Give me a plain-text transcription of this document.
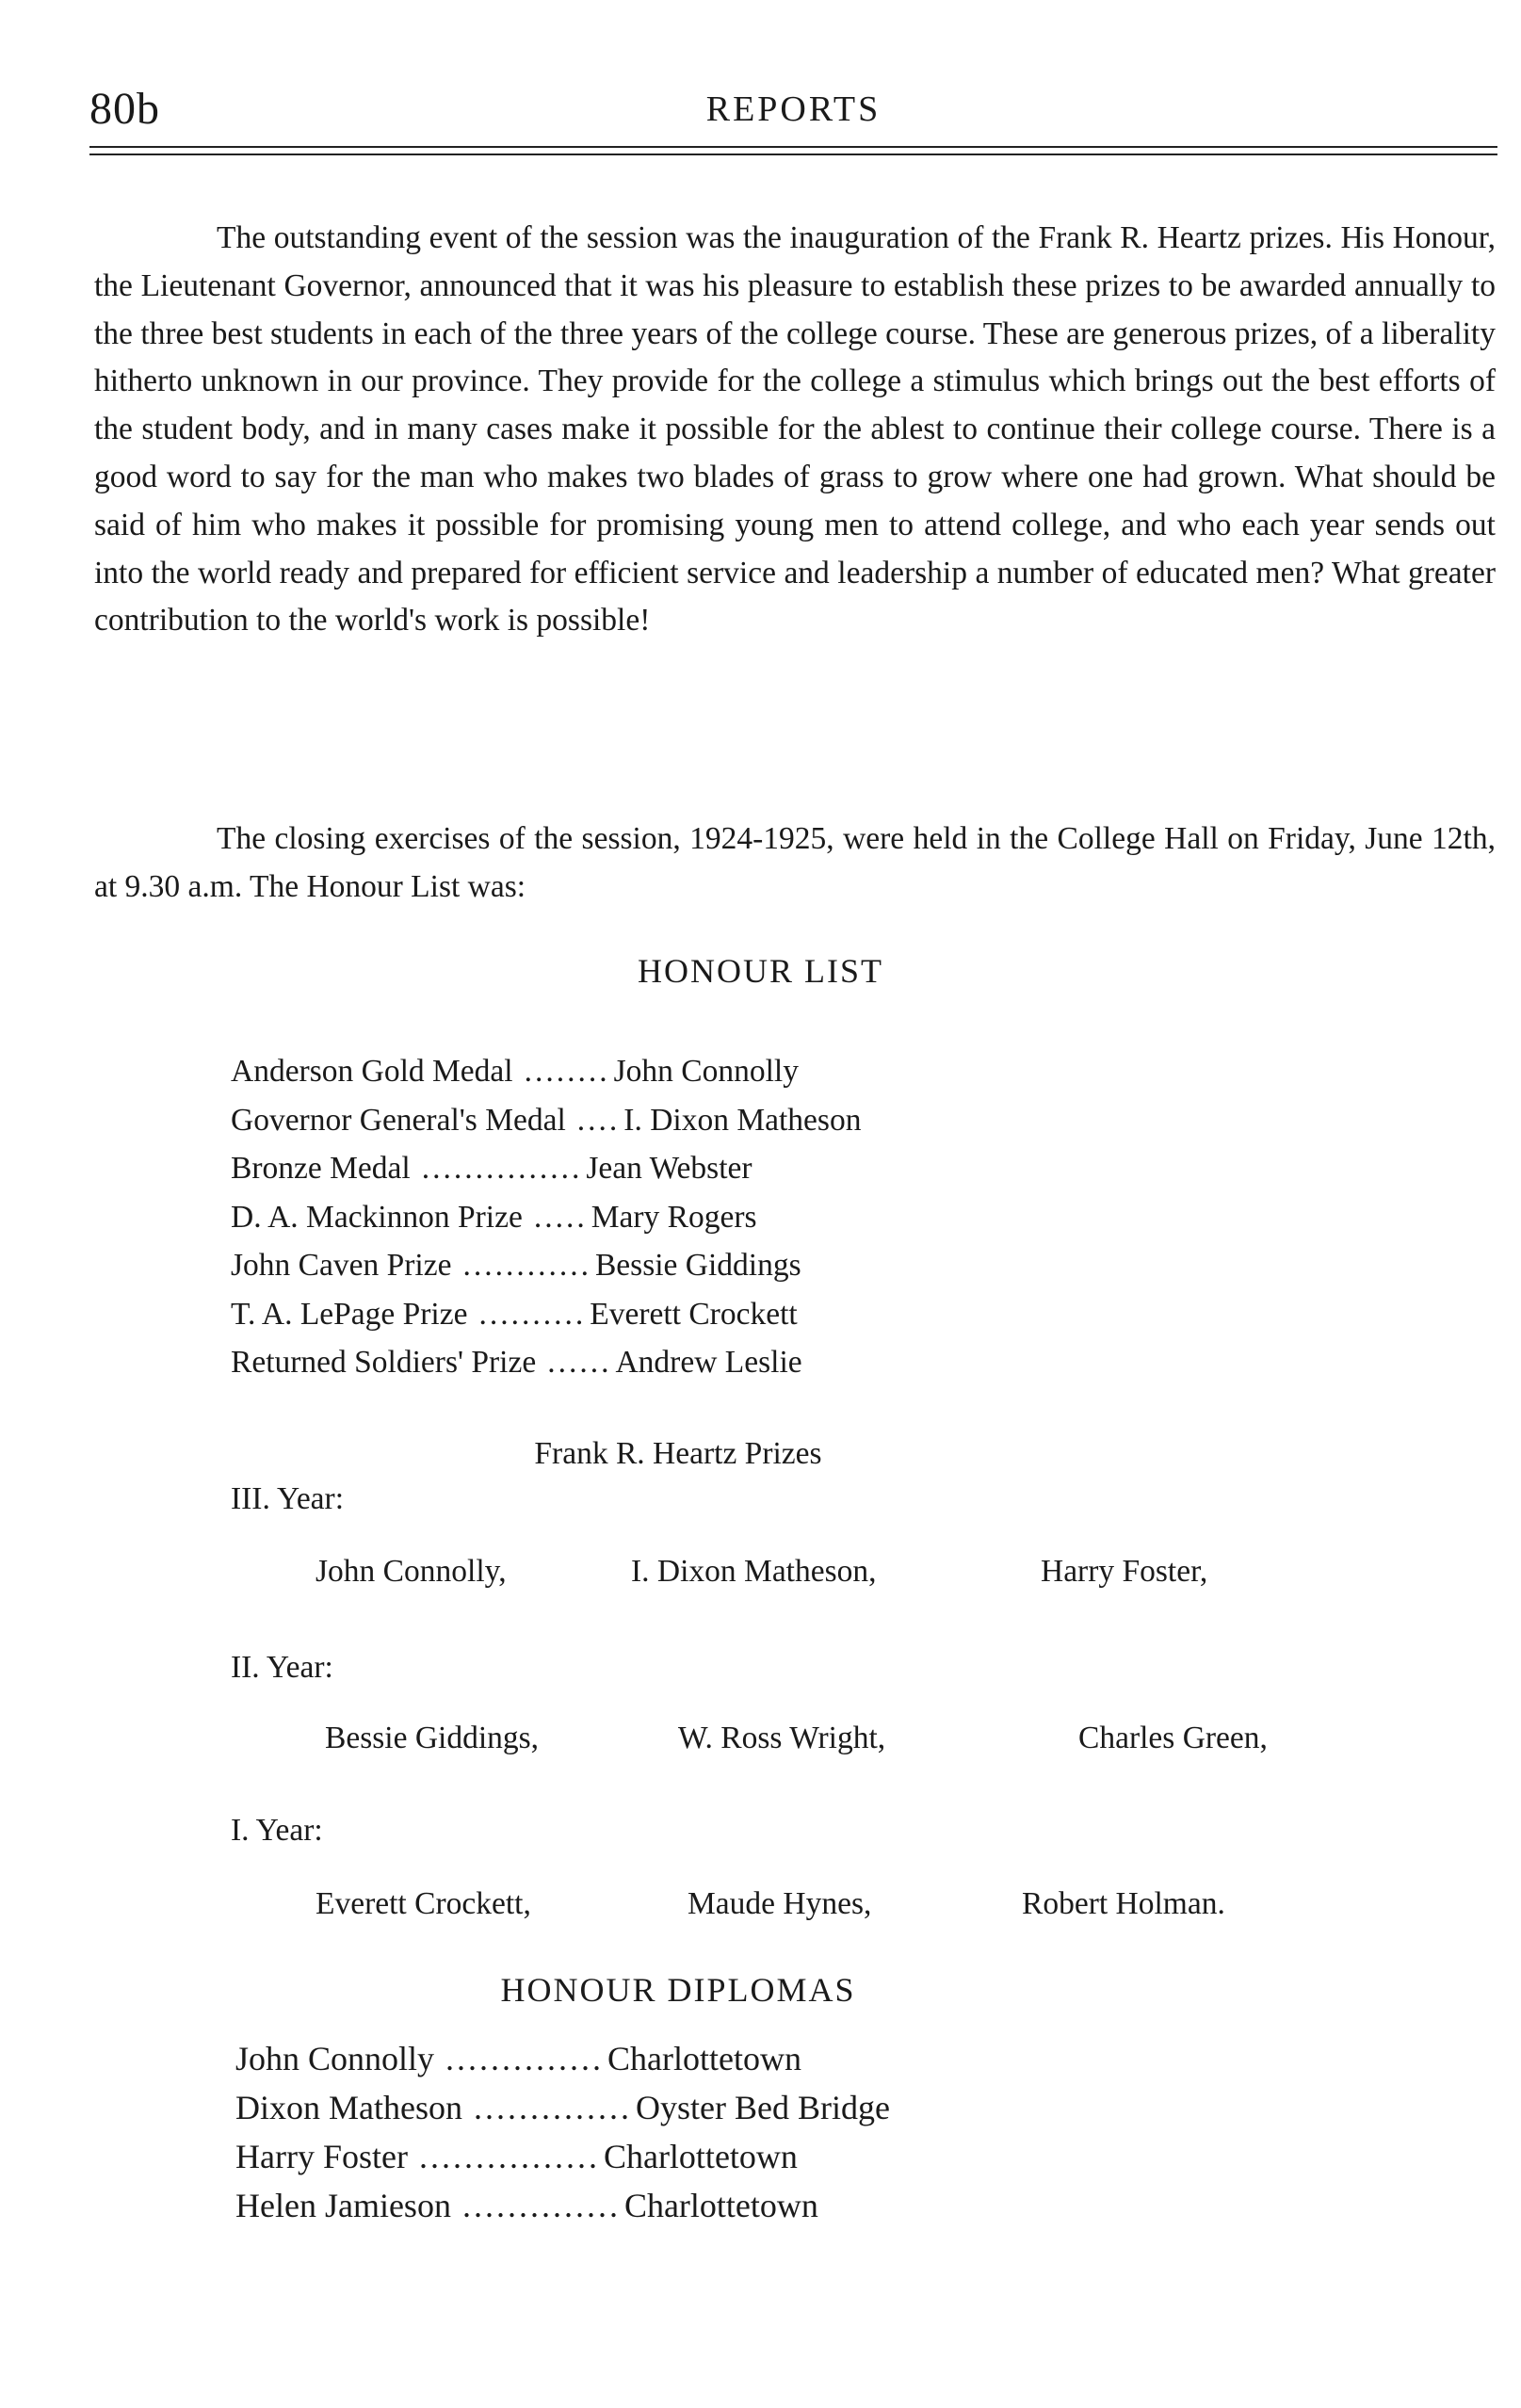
80b	REPORTS

The outstanding event of the session was the inauguration of the Frank R. Heartz prizes. His Honour, the Lieutenant Governor, announced that it was his pleasure to establish these prizes to be awarded annually to the three best students in each of the three years of the college course. These are generous prizes, of a liberality hitherto unknown in our province. They provide for the college a stimulus which brings out the best efforts of the student body, and in many cases make it possible for the ablest to continue their college course. There is a good word to say for the man who makes two blades of grass to grow where one had grown. What should be said of him who makes it possible for promising young men to attend college, and who each year sends out into the world ready and prepared for efficient service and leadership a number of educated men? What greater contribution to the world's work is possible!

The closing exercises of the session, 1924-1925, were held in the College Hall on Friday, June 12th, at 9.30 a.m. The Honour List was:

HONOUR LIST
Anderson Gold Medal ........ John Connolly
Governor General's Medal .... I. Dixon Matheson
Bronze Medal ............... Jean Webster
D. A. Mackinnon Prize ..... Mary Rogers
John Caven Prize ............ Bessie Giddings
T. A. LePage Prize .......... Everett Crockett
Returned Soldiers' Prize ...... Andrew Leslie
Frank R. Heartz Prizes
III. Year:
John Connolly,	I. Dixon Matheson,	Harry Foster,
II. Year:
Bessie Giddings,	W. Ross Wright,	Charles Green,
I. Year:
Everett Crockett,	Maude Hynes,	Robert Holman.
HONOUR DIPLOMAS
John Connolly .............. Charlottetown
Dixon Matheson .............. Oyster Bed Bridge
Harry Foster ................ Charlottetown
Helen Jamieson .............. Charlottetown
